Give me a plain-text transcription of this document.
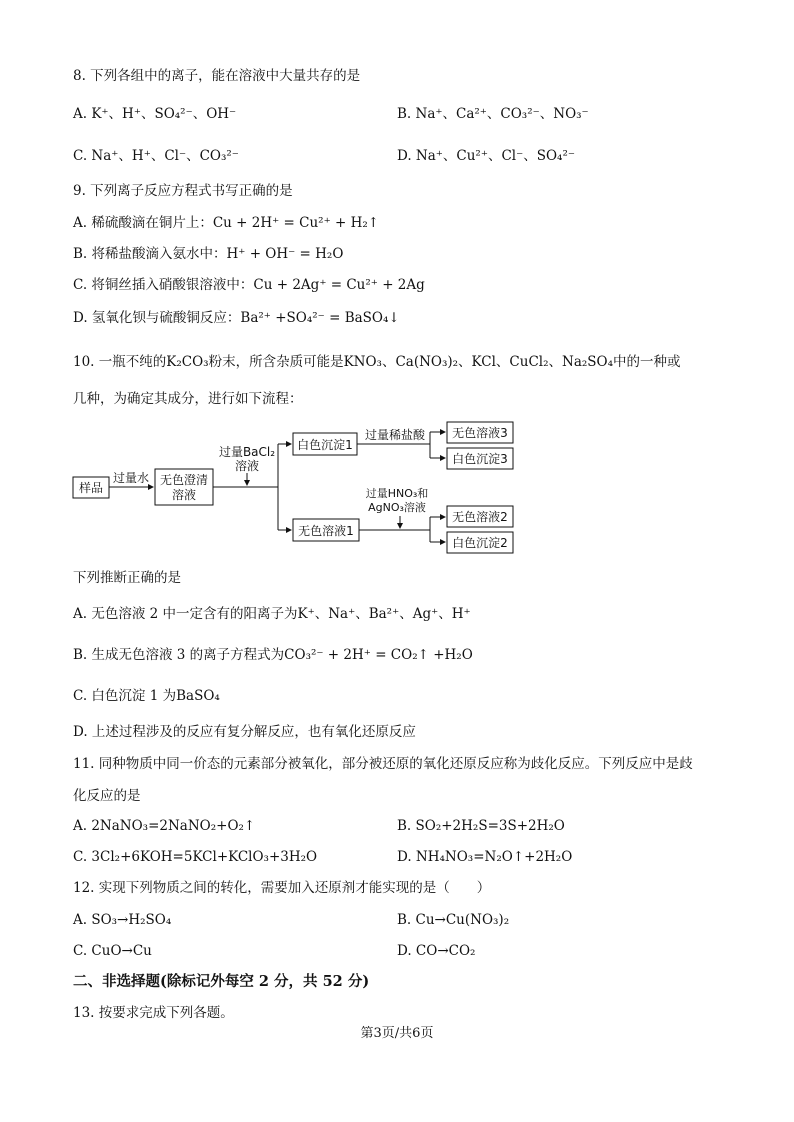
8. 下列各组中的离子，能在溶液中大量共存的是
A. K⁺、H⁺、SO₄²⁻、OH⁻	B. Na⁺、Ca²⁺、CO₃²⁻、NO₃⁻
C. Na⁺、H⁺、Cl⁻、CO₃²⁻	D. Na⁺、Cu²⁺、Cl⁻、SO₄²⁻
9. 下列离子反应方程式书写正确的是
A. 稀硫酸滴在铜片上：Cu + 2H⁺ = Cu²⁺ + H₂↑
B. 将稀盐酸滴入氨水中：H⁺ + OH⁻ = H₂O
C. 将铜丝插入硝酸银溶液中：Cu + 2Ag⁺ = Cu²⁺ + 2Ag
D. 氢氧化钡与硫酸铜反应：Ba²⁺ +SO₄²⁻ = BaSO₄↓
10. 一瓶不纯的K₂CO₃粉末，所含杂质可能是KNO₃、Ca(NO₃)₂、KCl、CuCl₂、Na₂SO₄中的一种或
几种，为确定其成分，进行如下流程：
样品
过量水 无色澄清
溶液
过量BaCl₂
溶液
白色沉淀1
过量稀盐酸 无色溶液3
白色沉淀3
无色溶液1
过量HNO₃和
AgNO₃溶液
无色溶液2
白色沉淀2
下列推断正确的是
A. 无色溶液 2 中一定含有的阳离子为K⁺、Na⁺、Ba²⁺、Ag⁺、H⁺
B. 生成无色溶液 3 的离子方程式为CO₃²⁻ + 2H⁺ = CO₂↑ +H₂O
C. 白色沉淀 1 为BaSO₄
D. 上述过程涉及的反应有复分解反应，也有氧化还原反应
11. 同种物质中同一价态的元素部分被氧化，部分被还原的氧化还原反应称为歧化反应。下列反应中是歧
化反应的是
A. 2NaNO₃=2NaNO₂+O₂↑	B. SO₂+2H₂S=3S+2H₂O
C. 3Cl₂+6KOH=5KCl+KClO₃+3H₂O	D. NH₄NO₃=N₂O↑+2H₂O
12. 实现下列物质之间的转化，需要加入还原剂才能实现的是（　　）
A. SO₃→H₂SO₄	B. Cu→Cu(NO₃)₂
C. CuO→Cu	D. CO→CO₂
二、非选择题(除标记外每空 2 分，共 52 分)
13. 按要求完成下列各题。
第3页/共6页
